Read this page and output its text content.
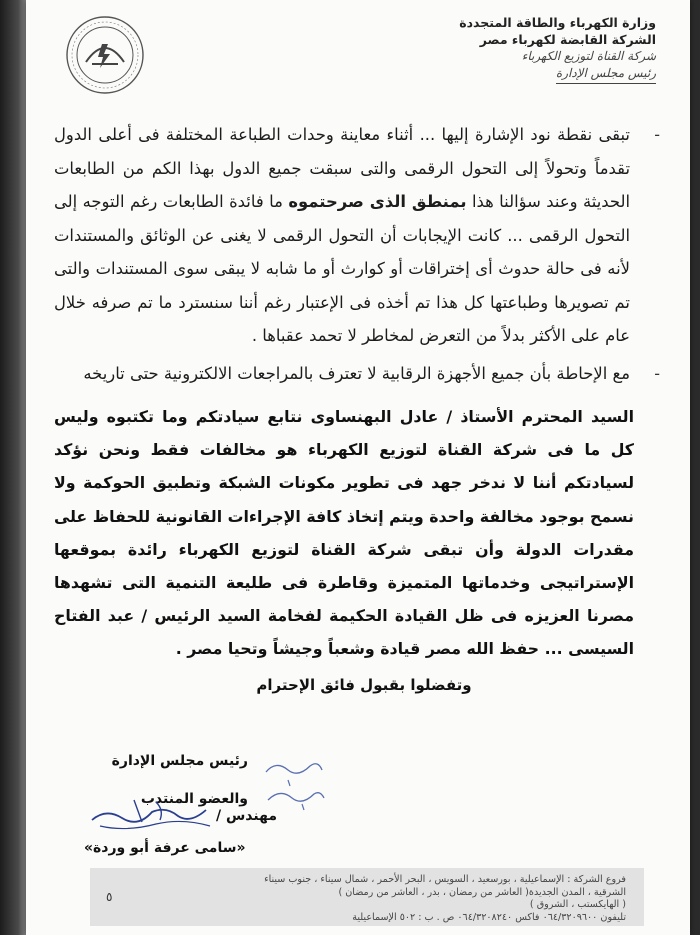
وزارة الكهرباء والطاقة المتجددة
الشركة القابضة لكهرباء مصر
شركة القناة لتوزيع الكهرباء
رئيس مجلس الإدارة
-
تبقى نقطة نود الإشارة إليها ... أثناء معاينة وحدات الطباعة المختلفة فى أعلى الدول تقدماً وتحولاً إلى التحول الرقمى والتى سبقت جميع الدول بهذا الكم من الطابعات الحديثة وعند سؤالنا هذا بمنطق الذى صرحتموه ما فائدة الطابعات رغم التوجه إلى التحول الرقمى ... كانت الإيجابات أن التحول الرقمى لا يغنى عن الوثائق والمستندات لأنه فى حالة حدوث أى إختراقات أو كوارث أو ما شابه لا يبقى سوى المستندات والتى تم تصويرها وطباعتها كل هذا تم أخذه فى الإعتبار رغم أننا سنسترد ما تم صرفه خلال عام على الأكثر بدلاً من التعرض لمخاطر لا تحمد عقباها .
-
مع الإحاطة بأن جميع الأجهزة الرقابية لا تعترف بالمراجعات الالكترونية حتى تاريخه
السيد المحترم الأستاذ / عادل البهنساوى نتابع سيادتكم وما تكتبوه وليس كل ما فى شركة القناة لتوزيع الكهرباء هو مخالفات فقط ونحن نؤكد لسيادتكم أننا لا ندخر جهد فى تطوير مكونات الشبكة وتطبيق الحوكمة ولا نسمح بوجود مخالفة واحدة ويتم إتخاذ كافة الإجراءات القانونية للحفاظ على مقدرات الدولة وأن تبقى شركة القناة لتوزيع الكهرباء رائدة بموقعها الإستراتيجى وخدماتها المتميزة وقاطرة فى طليعة التنمية التى تشهدها مصرنا العزيزه فى ظل القيادة الحكيمة لفخامة السيد الرئيس / عبد الفتاح السيسى ... حفظ الله مصر قيادة وشعباً وجيشاً وتحيا مصر .
وتفضلوا بقبول فائق الإحترام
رئيس مجلس الإدارة
والعضو المنتدب
مهندس /
«سامى عرفة أبو وردة»
فروع الشركة : الإسماعيلية ، بورسعيد ، السويس ، البحر الأحمر ، شمال سيناء ، جنوب سيناء
الشرقية ، المدن الجديدة( العاشر من رمضان ، بدر ، العاشر من رمضان )
( الهايكستب ، الشروق )
تليفون ٠٦٤/٣٢٠٩٦٠٠ فاكس ٠٦٤/٣٢٠٨٢٤٠ ص . ب : ٥٠٢ الإسماعيلية
٥
